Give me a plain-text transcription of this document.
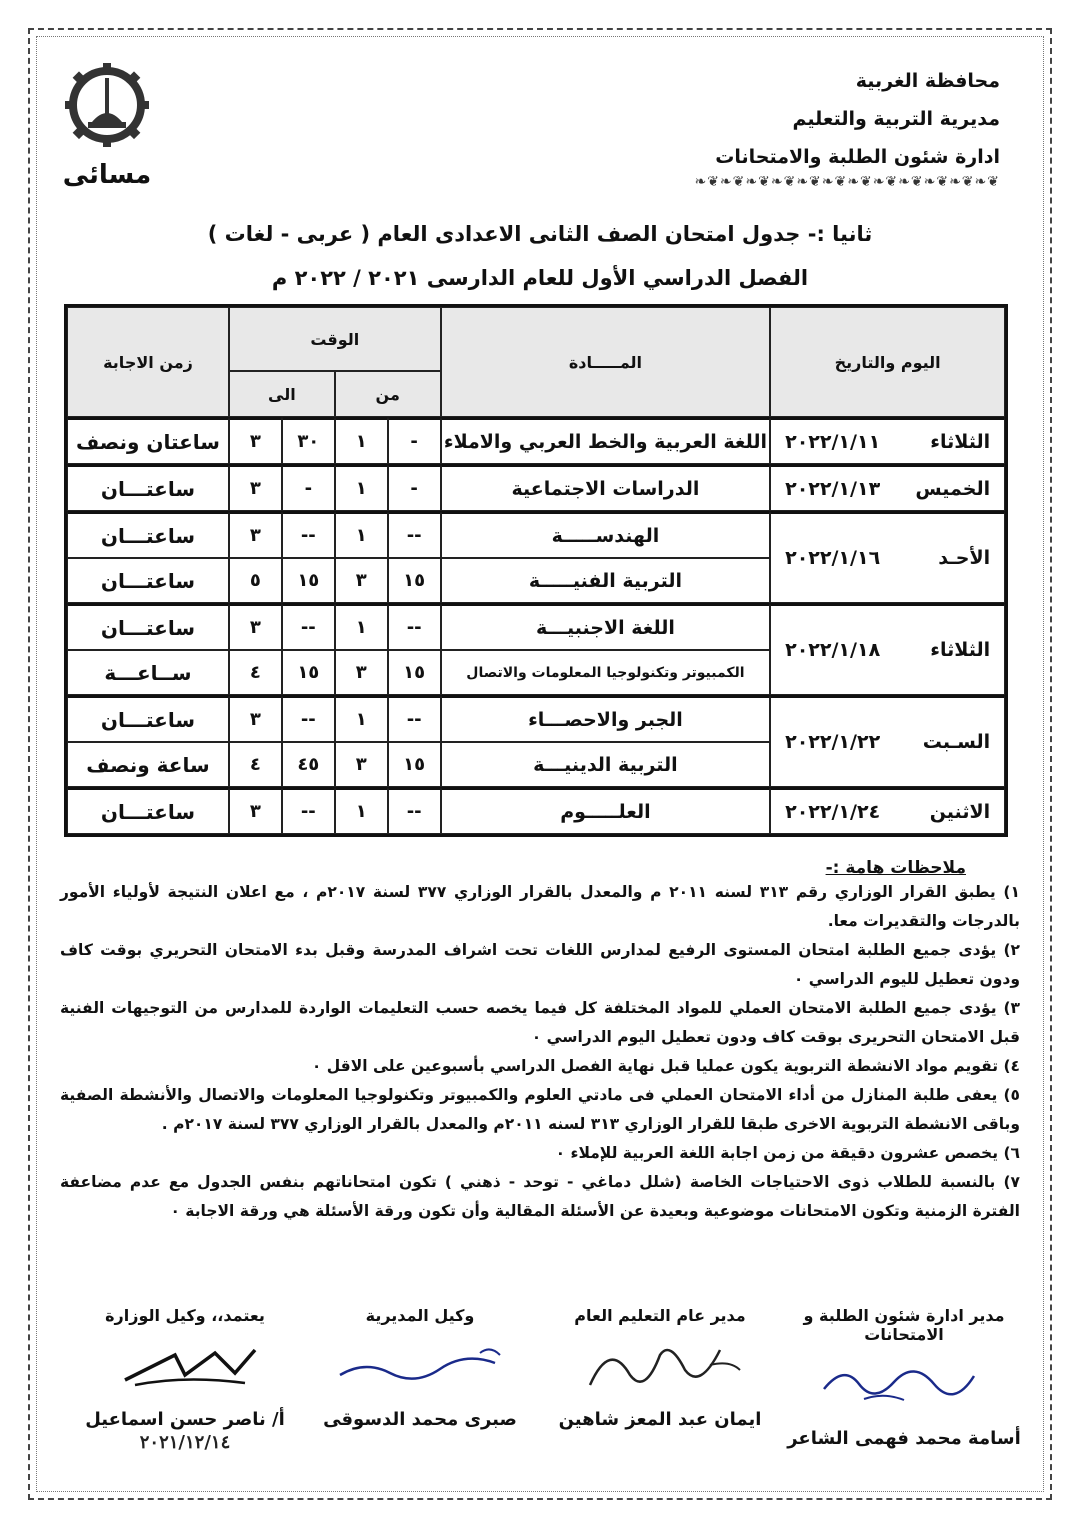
محافظة الغربية
مديرية التربية والتعليم
ادارة شئون الطلبة والامتحانات
❦❧❦❧❦❧❦❧❦❧❦❧❦❧❦❧❦❧❦❧❦❧❦❧
مسائى
ثانيا :- جدول امتحان الصف الثانى الاعدادى العام ( عربى - لغات )
الفصل الدراسي الأول للعام الدارسى ٢٠٢١ / ٢٠٢٢ م
اليوم والتاريخ	المـــــادة	الوقت				زمن الاجابة
		من		الى		
الثلاثاء٢٠٢٢/١/١١	اللغة العربية والخط العربي والاملاء	-	١	٣٠	٣	ساعتان ونصف
الخميس٢٠٢٢/١/١٣	الدراسات الاجتماعية	-	١	-	٣	ساعتـــان
الأحـد٢٠٢٢/١/١٦	الهندســـــة	--	١	--	٣	ساعتـــان
	التربية الفنيـــــة	١٥	٣	١٥	٥	ساعتـــان
الثلاثاء٢٠٢٢/١/١٨	اللغة الاجنبيـــة	--	١	--	٣	ساعتـــان
	الكمبيوتر وتكنولوجيا المعلومات والاتصال	١٥	٣	١٥	٤	ســاعـــة
السـبت٢٠٢٢/١/٢٢	الجبر والاحصـــاء	--	١	--	٣	ساعتـــان
	التربية الدينيـــة	١٥	٣	٤٥	٤	ساعة ونصف
الاثنين٢٠٢٢/١/٢٤	العلـــــوم	--	١	--	٣	ساعتـــان
ملاحظات هامة :-

١) يطبق القرار الوزاري رقم ٣١٣ لسنه ٢٠١١ م والمعدل بالقرار الوزاري ٣٧٧ لسنة ٢٠١٧م ، مع اعلان النتيجة لأولياء الأمور بالدرجات والتقديرات معا.

٢) يؤدى جميع الطلبة امتحان المستوى الرفيع لمدارس اللغات تحت اشراف المدرسة وقبل بدء الامتحان التحريري بوقت كاف ودون تعطيل لليوم الدراسي ٠

٣) يؤدى جميع الطلبة الامتحان العملي للمواد المختلفة كل فيما يخصه حسب التعليمات الواردة للمدارس من التوجيهات الفنية قبل الامتحان التحريرى بوقت كاف ودون تعطيل اليوم الدراسي ٠

٤) تقويم مواد الانشطة التربوية يكون عمليا قبل نهاية الفصل الدراسي بأسبوعين على الاقل ٠

٥) يعفى طلبة المنازل من أداء الامتحان العملي فى مادتي العلوم والكمبيوتر وتكنولوجيا المعلومات والاتصال والأنشطة الصفية وباقى الانشطة التربوية الاخرى طبقا للقرار الوزاري ٣١٣ لسنه ٢٠١١م والمعدل بالقرار الوزاري ٣٧٧ لسنة ٢٠١٧م .

٦) يخصص عشرون دقيقة من زمن اجابة اللغة العربية للإملاء ٠

٧) بالنسبة للطلاب ذوى الاحتياجات الخاصة (شلل دماغي - توحد - ذهني ) تكون امتحاناتهم بنفس الجدول مع عدم مضاعفة الفترة الزمنية وتكون الامتحانات موضوعية وبعيدة عن الأسئلة المقالية وأن تكون ورقة الأسئلة هي ورقة الاجابة ٠

مدير ادارة شئون الطلبة و الامتحانات
أسامة محمد فهمى الشاعر
مدير عام التعليم العام
ايمان عبد المعز شاهين
وكيل المديرية
صبرى محمد الدسوقى
يعتمد،، وكيل الوزارة
أ/ ناصر حسن اسماعيل
٢٠٢١/١٢/١٤
